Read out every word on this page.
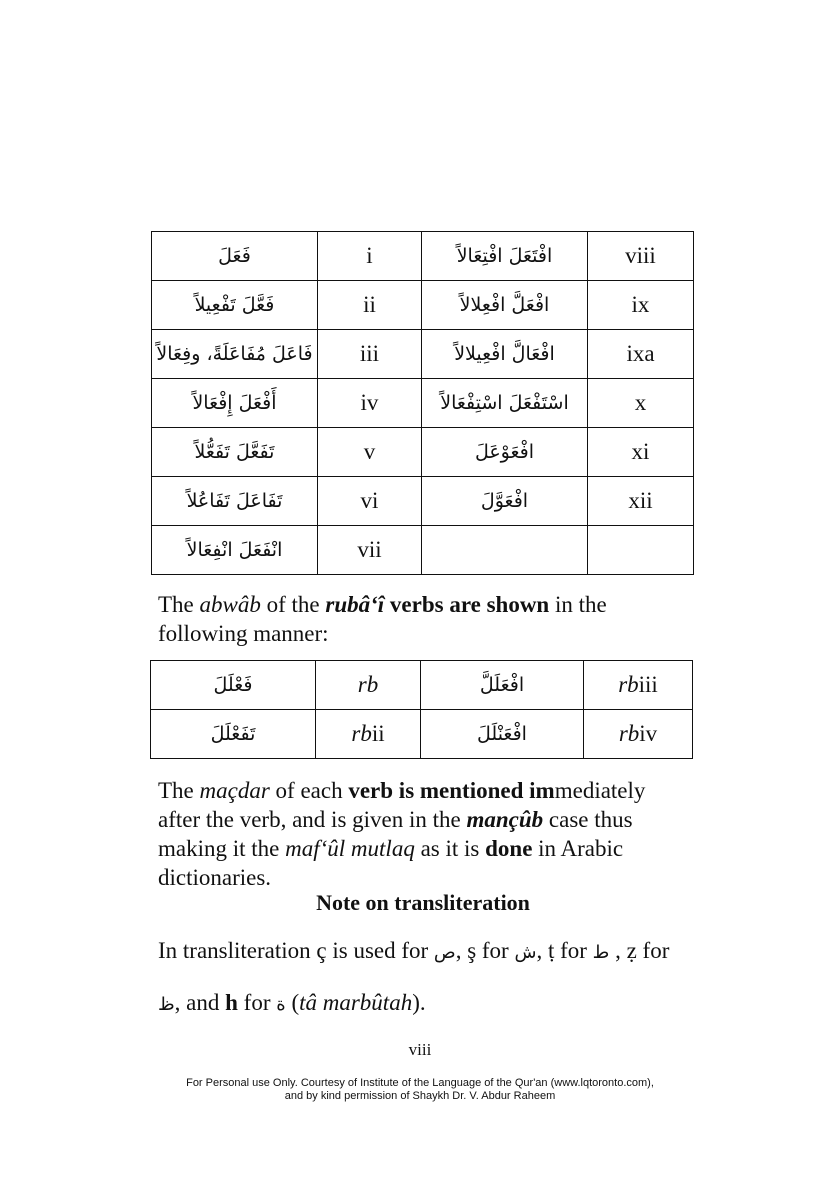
فَعَلَ	i	افْتَعَلَ افْتِعَالاً	viii
فَعَّلَ تَفْعِيلاً	ii	افْعَلَّ افْعِلالاً	ix
فَاعَلَ مُفَاعَلَةً، وفِعَالاً	iii	افْعَالَّ افْعِيلالاً	ixa
أَفْعَلَ إِفْعَالاً	iv	اسْتَفْعَلَ اسْتِفْعَالاً	x
تَفَعَّلَ تَفَعُّلاً	v	افْعَوْعَلَ	xi
تَفَاعَلَ تَفَاعُلاً	vi	افْعَوَّلَ	xii
انْفَعَلَ انْفِعَالاً	vii		

The abwâb of the rubâ‘î verbs are shown in the following manner:

فَعْلَلَ	rb	افْعَلَلَّ	rbiii
تَفَعْلَلَ	rbii	افْعَنْلَلَ	rbiv

The maçdar of each verb is mentioned immediately after the verb, and is given in the mançûb case thus making it the maf‘ûl mutlaq as it is done in Arabic dictionaries.

Note on transliteration

In transliteration ç is used for ص, ş for ش, ṭ for ط , ẓ for ظ, and h for ة (tâ marbûtah).

viii
For Personal use Only. Courtesy of Institute of the Language of the Qur'an (www.lqtoronto.com),
and by kind permission of Shaykh Dr. V. Abdur Raheem
